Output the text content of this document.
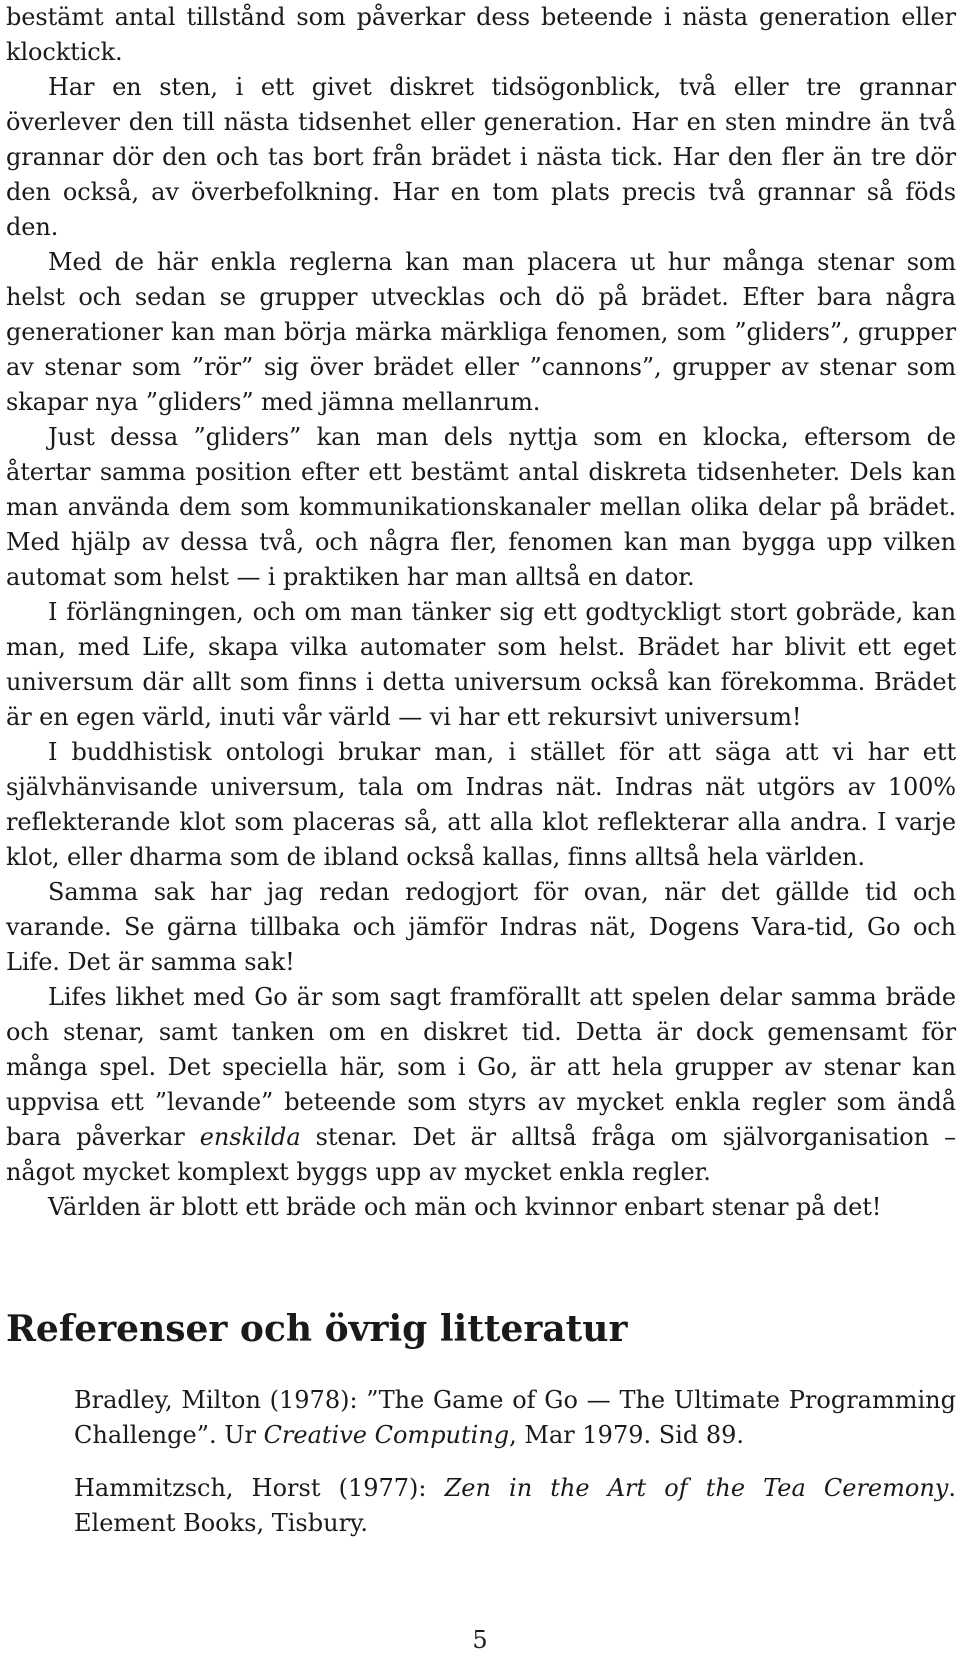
bestämt antal tillstånd som påverkar dess beteende i nästa generation eller klocktick.

Har en sten, i ett givet diskret tidsögonblick, två eller tre grannar överlever den till nästa tidsenhet eller generation. Har en sten mindre än två grannar dör den och tas bort från brädet i nästa tick. Har den fler än tre dör den också, av överbefolkning. Har en tom plats precis två grannar så föds den.

Med de här enkla reglerna kan man placera ut hur många stenar som helst och sedan se grupper utvecklas och dö på brädet. Efter bara några generationer kan man börja märka märkliga fenomen, som ”gliders”, grupper av stenar som ”rör” sig över brädet eller ”cannons”, grupper av stenar som skapar nya ”gliders” med jämna mellanrum.

Just dessa ”gliders” kan man dels nyttja som en klocka, eftersom de återtar samma position efter ett bestämt antal diskreta tidsenheter. Dels kan man använda dem som kommunikationskanaler mellan olika delar på brädet. Med hjälp av dessa två, och några fler, fenomen kan man bygga upp vilken automat som helst — i praktiken har man alltså en dator.

I förlängningen, och om man tänker sig ett godtyckligt stort gobräde, kan man, med Life, skapa vilka automater som helst. Brädet har blivit ett eget universum där allt som finns i detta universum också kan förekomma. Brädet är en egen värld, inuti vår värld — vi har ett rekursivt universum!

I buddhistisk ontologi brukar man, i stället för att säga att vi har ett självhänvisande universum, tala om Indras nät. Indras nät utgörs av 100% reflekterande klot som placeras så, att alla klot reflekterar alla andra. I varje klot, eller dharma som de ibland också kallas, finns alltså hela världen.

Samma sak har jag redan redogjort för ovan, när det gällde tid och varande. Se gärna tillbaka och jämför Indras nät, Dogens Vara-tid, Go och Life. Det är samma sak!

Lifes likhet med Go är som sagt framförallt att spelen delar samma bräde och stenar, samt tanken om en diskret tid. Detta är dock gemensamt för många spel. Det speciella här, som i Go, är att hela grupper av stenar kan uppvisa ett ”levande” beteende som styrs av mycket enkla regler som ändå bara påverkar enskilda stenar. Det är alltså fråga om självorganisation – något mycket komplext byggs upp av mycket enkla regler.

Världen är blott ett bräde och män och kvinnor enbart stenar på det!

Referenser och övrig litteratur

Bradley, Milton (1978): ”The Game of Go — The Ultimate Programming Challenge”. Ur Creative Computing, Mar 1979. Sid 89.

Hammitzsch, Horst (1977): Zen in the Art of the Tea Ceremony. Element Books, Tisbury.

5
